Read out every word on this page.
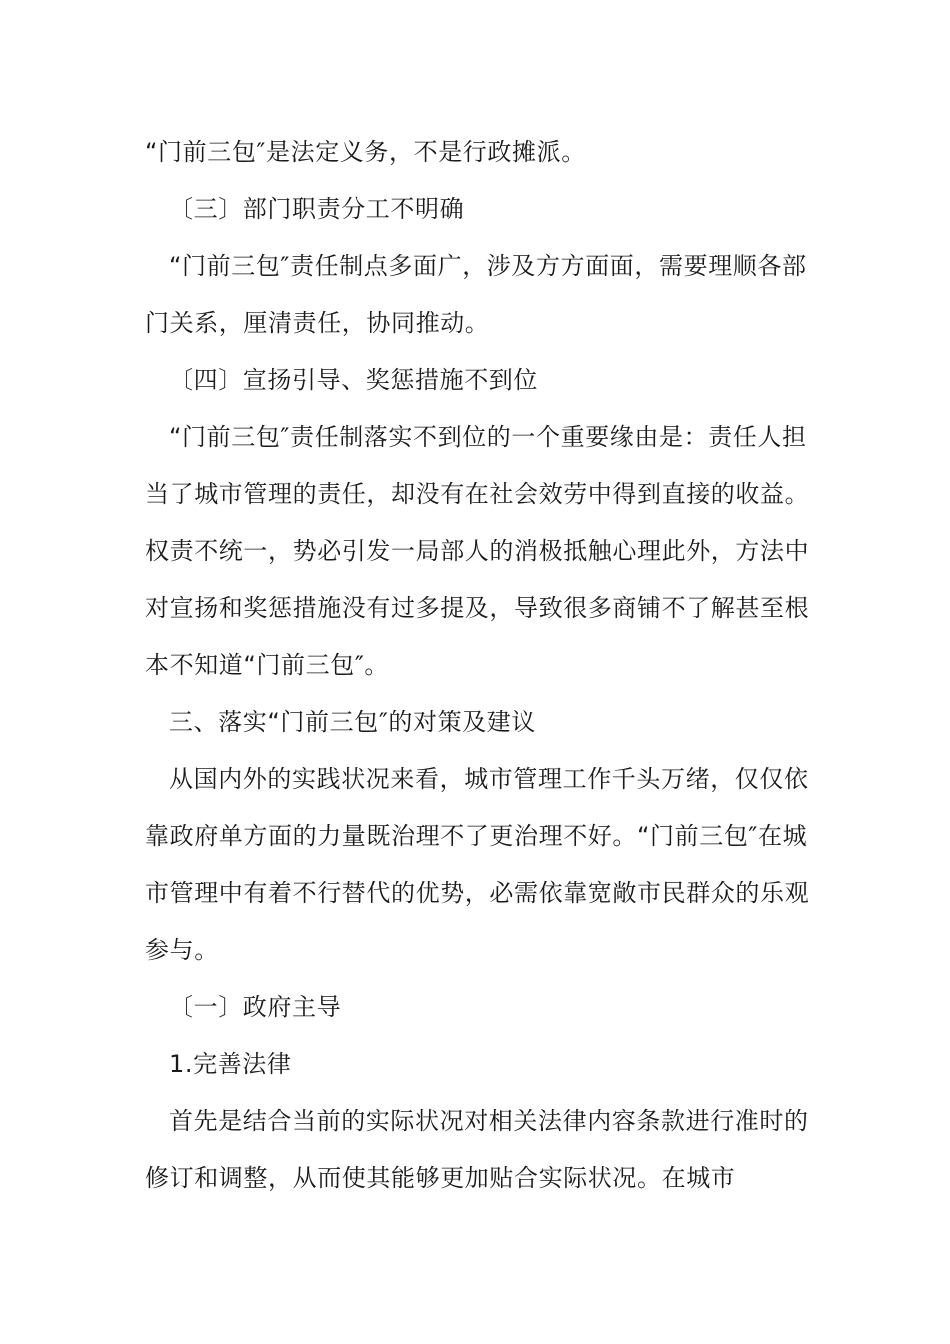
“门前三包″是法定义务，不是行政摊派。

〔三〕部门职责分工不明确

“门前三包″责任制点多面广，涉及方方面面，需要理顺各部门关系，厘清责任，协同推动。

〔四〕宣扬引导、奖惩措施不到位

“门前三包″责任制落实不到位的一个重要缘由是：责任人担当了城市管理的责任，却没有在社会效劳中得到直接的收益。权责不统一，势必引发一局部人的消极抵触心理此外，方法中对宣扬和奖惩措施没有过多提及，导致很多商铺不了解甚至根本不知道“门前三包″。

三、落实“门前三包″的对策及建议

从国内外的实践状况来看，城市管理工作千头万绪，仅仅依靠政府单方面的力量既治理不了更治理不好。“门前三包″在城市管理中有着不行替代的优势，必需依靠宽敞市民群众的乐观参与。

〔一〕政府主导

1.完善法律

首先是结合当前的实际状况对相关法律内容条款进行准时的修订和调整，从而使其能够更加贴合实际状况。在城市
